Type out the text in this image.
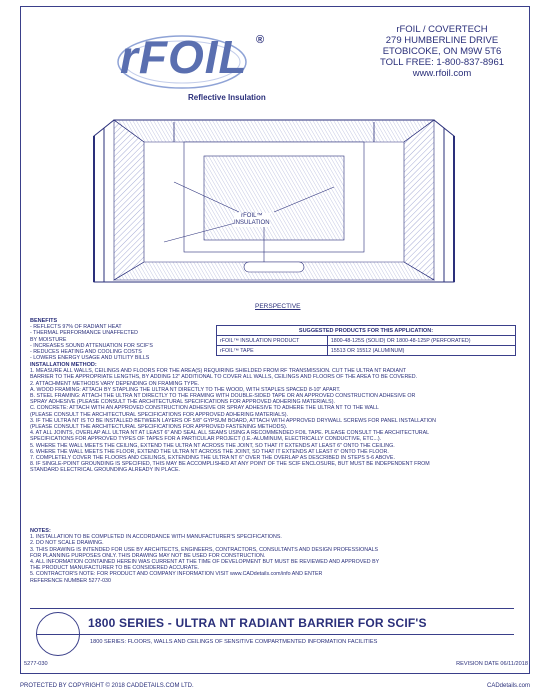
rFOIL ®
Reflective Insulation
rFOIL / COVERTECH
279 HUMBERLINE DRIVE
ETOBICOKE, ON M9W 5T6
TOLL FREE: 1-800-837-8961
www.rfoil.com
rFOIL™
INSULATION
PERSPECTIVE
BENEFITS
- REFLECTS 97% OF RADIANT HEAT
- THERMAL PERFORMANCE UNAFFECTED
BY MOISTURE
- INCREASES SOUND ATTENUATION FOR SCIF'S
- REDUCES HEATING AND COOLING COSTS
- LOWERS ENERGY USAGE AND UTILITY BILLS
SUGGESTED PRODUCTS FOR THIS APPLICATION:	
rFOIL™ INSULATION PRODUCT	1800-48-125S (SOLID) OR 1800-48-125P (PERFORATED)
rFOIL™ TAPE	15513 OR 15512 (ALUMINUM)
INSTALLATION METHOD:
1. MEASURE ALL WALLS, CEILINGS AND FLOORS FOR THE AREA(S) REQUIRING SHIELDED FROM RF TRANSMISSION. CUT THE ULTRA NT RADIANT
BARRIER TO THE APPROPRIATE LENGTHS, BY ADDING 12" ADDITIONAL TO COVER ALL WALLS, CEILINGS AND FLOORS OF THE AREA TO BE COVERED.
2. ATTACHMENT METHODS VARY DEPENDING ON FRAMING TYPE.
A. WOOD FRAMING: ATTACH BY STAPLING THE ULTRA NT DIRECTLY TO THE WOOD, WITH STAPLES SPACED 8-10" APART.
B. STEEL FRAMING: ATTACH THE ULTRA NT DIRECTLY TO THE FRAMING WITH DOUBLE-SIDED TAPE OR AN APPROVED CONSTRUCTION ADHESIVE OR
SPRAY ADHESIVE (PLEASE CONSULT THE ARCHITECTURAL SPECIFICATIONS FOR APPROVED ADHERING MATERIALS).
C. CONCRETE: ATTACH WITH AN APPROVED CONSTRUCTION ADHESIVE OR SPRAY ADHESIVE TO ADHERE THE ULTRA NT TO THE WALL
(PLEASE CONSULT THE ARCHITECTURAL SPECIFICATIONS FOR APPROVED ADHERING MATERIALS).
3. IF THE ULTRA NT IS TO BE INSTALLED BETWEEN LAYERS OF 5/8" GYPSUM BOARD, ATTACH WITH APPROVED DRYWALL SCREWS FOR PANEL INSTALLATION
(PLEASE CONSULT THE ARCHITECTURAL SPECIFICATIONS FOR APPROVED FASTENING METHODS).
4. AT ALL JOINTS, OVERLAP ALL ULTRA NT AT LEAST 6" AND SEAL ALL SEAMS USING A RECOMMENDED FOIL TAPE. PLEASE CONSULT THE ARCHITECTURAL
SPECIFICATIONS FOR APPROVED TYPES OF TAPES FOR A PARTICULAR PROJECT (I.E.-ALUMINUM, ELECTRICALLY CONDUCTIVE, ETC...).
5. WHERE THE WALL MEETS THE CEILING, EXTEND THE ULTRA NT ACROSS THE JOINT, SO THAT IT EXTENDS AT LEAST 6" ONTO THE CEILING.
6. WHERE THE WALL MEETS THE FLOOR, EXTEND THE ULTRA NT ACROSS THE JOINT, SO THAT IT EXTENDS AT LEAST 6" ONTO THE FLOOR.
7. COMPLETELY COVER THE FLOORS AND CEILINGS, EXTENDING THE ULTRA NT 6" OVER THE OVERLAP AS DESCRIBED IN STEPS 5-6 ABOVE.
8. IF SINGLE-POINT GROUNDING IS SPECIFIED, THIS MAY BE ACCOMPLISHED AT ANY POINT OF THE SCIF ENCLOSURE, BUT MUST BE INDEPENDENT FROM
STANDARD ELECTRICAL GROUNDING ALREADY IN PLACE.
NOTES:
1. INSTALLATION TO BE COMPLETED IN ACCORDANCE WITH MANUFACTURER'S SPECIFICATIONS.
2. DO NOT SCALE DRAWING.
3. THIS DRAWING IS INTENDED FOR USE BY ARCHITECTS, ENGINEERS, CONTRACTORS, CONSULTANTS AND DESIGN PROFESSIONALS
FOR PLANNING PURPOSES ONLY. THIS DRAWING MAY NOT BE USED FOR CONSTRUCTION.
4. ALL INFORMATION CONTAINED HEREIN WAS CURRENT AT THE TIME OF DEVELOPMENT BUT MUST BE REVIEWED AND APPROVED BY
THE PRODUCT MANUFACTURER TO BE CONSIDERED ACCURATE.
5. CONTRACTOR'S NOTE: FOR PRODUCT AND COMPANY INFORMATION VISIT www.CADdetails.com/info AND ENTER
REFERENCE NUMBER 5277-030
1800 SERIES - ULTRA NT RADIANT BARRIER FOR SCIF'S
1800 SERIES: FLOORS, WALLS AND CEILINGS OF SENSITIVE COMPARTMENTED INFORMATION FACILITIES
5277-030	REVISION DATE 06/11/2018
PROTECTED BY COPYRIGHT © 2018 CADDETAILS.COM LTD.	CADdetails.com
